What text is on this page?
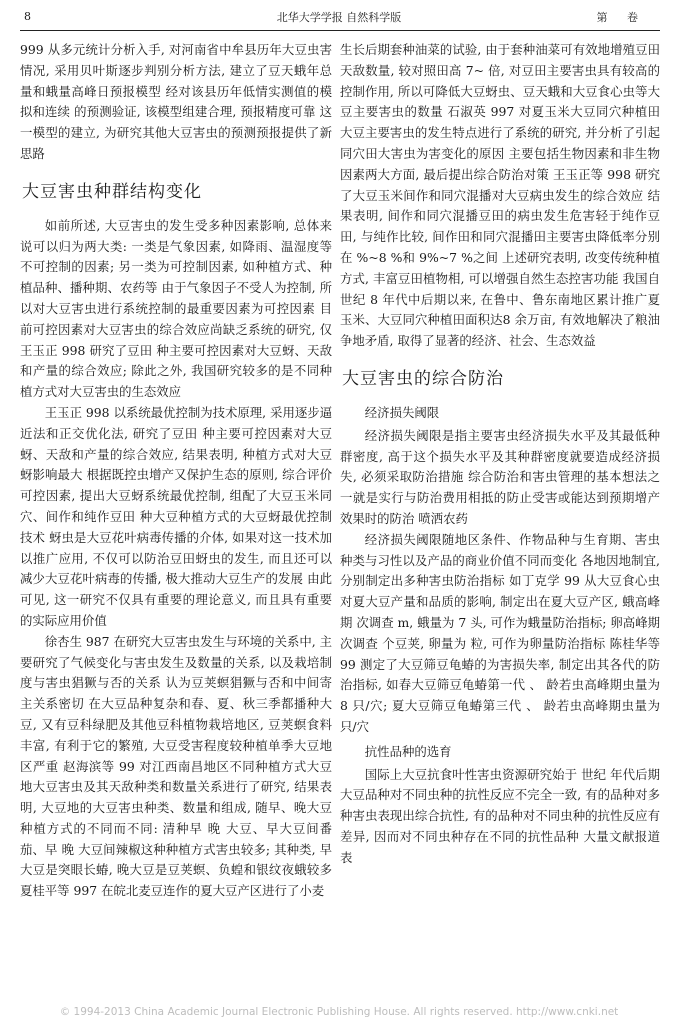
8	北华大学学报 自然科学版	第 卷

999 从多元统计分析入手, 对河南省中牟县历年大豆虫害情况, 采用贝叶斯逐步判别分析方法, 建立了豆天蛾年总量和蛾量高峰日预报模型 经对该县历年低情实测值的模拟和连续 的预测验证, 该模型组建合理, 预报精度可靠 这一模型的建立, 为研究其他大豆害虫的预测预报提供了新思路

大豆害虫种群结构变化

如前所述, 大豆害虫的发生受多种因素影响, 总体来说可以归为两大类: 一类是气象因素, 如降雨、温湿度等不可控制的因素; 另一类为可控制因素, 如种植方式、种植品种、播种期、农药等 由于气象因子不受人为控制, 所以对大豆害虫进行系统控制的最重要因素为可控因素 目前可控因素对大豆害虫的综合效应尚缺乏系统的研究, 仅王玉正 998 研究了豆田 种主要可控因素对大豆蚜、天敌和产量的综合效应; 除此之外, 我国研究较多的是不同种植方式对大豆害虫的生态效应

王玉正 998 以系统最优控制为技术原理, 采用逐步逼近法和正交优化法, 研究了豆田 种主要可控因素对大豆蚜、天敌和产量的综合效应, 结果表明, 种植方式对大豆蚜影响最大 根据既控虫增产又保护生态的原则, 综合评价可控因素, 提出大豆蚜系统最优控制, 组配了大豆玉米同穴、间作和纯作豆田 种大豆种植方式的大豆蚜最优控制技术 蚜虫是大豆花叶病毒传播的介体, 如果对这一技术加以推广应用, 不仅可以防治豆田蚜虫的发生, 而且还可以减少大豆花叶病毒的传播, 极大推动大豆生产的发展 由此可见, 这一研究不仅具有重要的理论意义, 而且具有重要的实际应用价值

徐杏生 987 在研究大豆害虫发生与环境的关系中, 主要研究了气候变化与害虫发生及数量的关系, 以及栽培制度与害虫猖獗与否的关系 认为豆荚螟猖獗与否和中间寄主关系密切 在大豆品种复杂和春、夏、秋三季都播种大豆, 又有豆科绿肥及其他豆科植物栽培地区, 豆荚螟食料丰富, 有利于它的繁殖, 大豆受害程度较种植单季大豆地区严重 赵海滨等 99 对江西南昌地区不同种植方式大豆地大豆害虫及其天敌种类和数量关系进行了研究, 结果表明, 大豆地的大豆害虫种类、数量和组成, 随早、晚大豆种植方式的不同而不同: 清种早 晚 大豆、早大豆间番茄、早 晚 大豆间辣椒这种种植方式害虫较多; 其种类, 早大豆是突眼长蝽, 晚大豆是豆荚螟、负蝗和银纹夜蛾较多 夏桂平等 997 在皖北麦豆连作的夏大豆产区进行了小麦

生长后期套种油菜的试验, 由于套种油菜可有效地增殖豆田天敌数量, 较对照田高 7~ 倍, 对豆田主要害虫具有较高的控制作用, 所以可降低大豆蚜虫、豆天蛾和大豆食心虫等大豆主要害虫的数量 石淑英 997 对夏玉米大豆同穴种植田大豆主要害虫的发生特点进行了系统的研究, 并分析了引起同穴田大害虫为害变化的原因 主要包括生物因素和非生物因素两大方面, 最后提出综合防治对策 王玉正等 998 研究了大豆玉米间作和同穴混播对大豆病虫发生的综合效应 结果表明, 间作和同穴混播豆田的病虫发生危害轻于纯作豆田, 与纯作比较, 间作田和同穴混播田主要害虫降低率分别在 %~8 %和 9%~7 %之间 上述研究表明, 改变传统种植方式, 丰富豆田植物相, 可以增强自然生态控害功能 我国自 世纪 8 年代中后期以来, 在鲁中、鲁东南地区累计推广夏玉米、大豆同穴种植田面积达8 余万亩, 有效地解决了粮油争地矛盾, 取得了显著的经济、社会、生态效益

大豆害虫的综合防治
经济损失阈限

经济损失阈限是指主要害虫经济损失水平及其最低种群密度, 高于这个损失水平及其种群密度就要造成经济损失, 必须采取防治措施 综合防治和害虫管理的基本想法之一就是实行与防治费用相抵的防止受害或能达到预期增产效果时的防治 喷洒农药

经济损失阈限随地区条件、作物品种与生育期、害虫种类与习性以及产品的商业价值不同而变化 各地因地制宜, 分别制定出多种害虫防治指标 如丁克学 99 从大豆食心虫对夏大豆产量和品质的影响, 制定出在夏大豆产区, 蛾高峰期 次调查 m, 蛾量为 7 头, 可作为蛾量防治指标; 卵高峰期 次调查 个豆荚, 卵量为 粒, 可作为卵量防治指标 陈桂华等 99 测定了大豆筛豆龟蝽的为害损失率, 制定出其各代的防治指标, 如春大豆筛豆龟蝽第一代 、 龄若虫高峰期虫量为 8 只/穴; 夏大豆筛豆龟蝽第三代 、 龄若虫高峰期虫量为 只/穴

抗性品种的选育

国际上大豆抗食叶性害虫资源研究始于 世纪 年代后期 大豆品种对不同虫种的抗性反应不完全一致, 有的品种对多种害虫表现出综合抗性, 有的品种对不同虫种的抗性反应有差异, 因而对不同虫种存在不同的抗性品种 大量文献报道表

© 1994-2013 China Academic Journal Electronic Publishing House. All rights reserved. http://www.cnki.net
